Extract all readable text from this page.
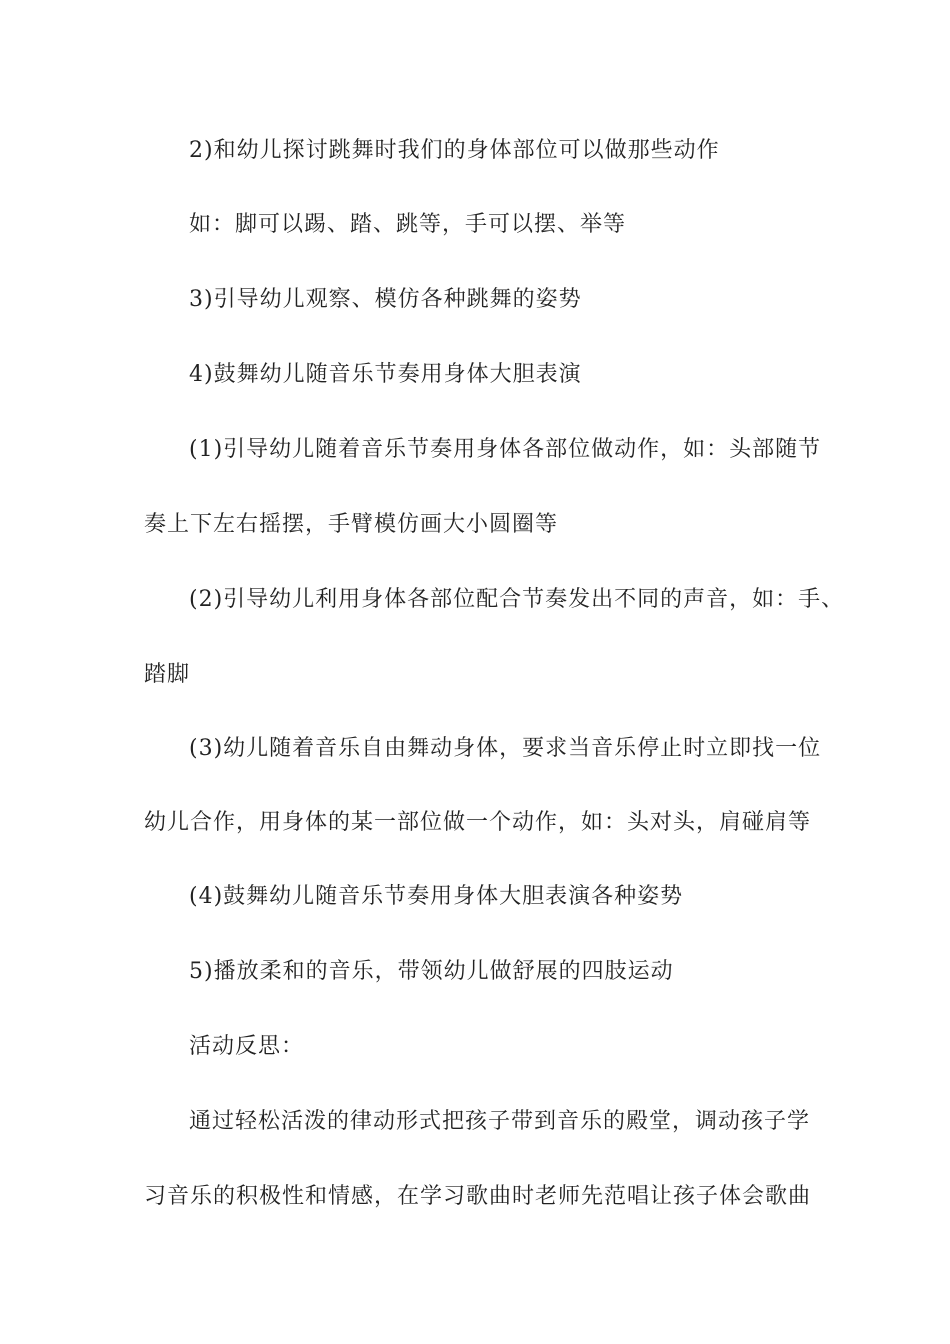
2)和幼儿探讨跳舞时我们的身体部位可以做那些动作
如：脚可以踢、踏、跳等，手可以摆、举等
3)引导幼儿观察、模仿各种跳舞的姿势
4)鼓舞幼儿随音乐节奏用身体大胆表演
(1)引导幼儿随着音乐节奏用身体各部位做动作，如：头部随节
奏上下左右摇摆，手臂模仿画大小圆圈等
(2)引导幼儿利用身体各部位配合节奏发出不同的声音，如：手、
踏脚
(3)幼儿随着音乐自由舞动身体，要求当音乐停止时立即找一位
幼儿合作，用身体的某一部位做一个动作，如：头对头，肩碰肩等
(4)鼓舞幼儿随音乐节奏用身体大胆表演各种姿势
5)播放柔和的音乐，带领幼儿做舒展的四肢运动
活动反思：
通过轻松活泼的律动形式把孩子带到音乐的殿堂，调动孩子学
习音乐的积极性和情感，在学习歌曲时老师先范唱让孩子体会歌曲
